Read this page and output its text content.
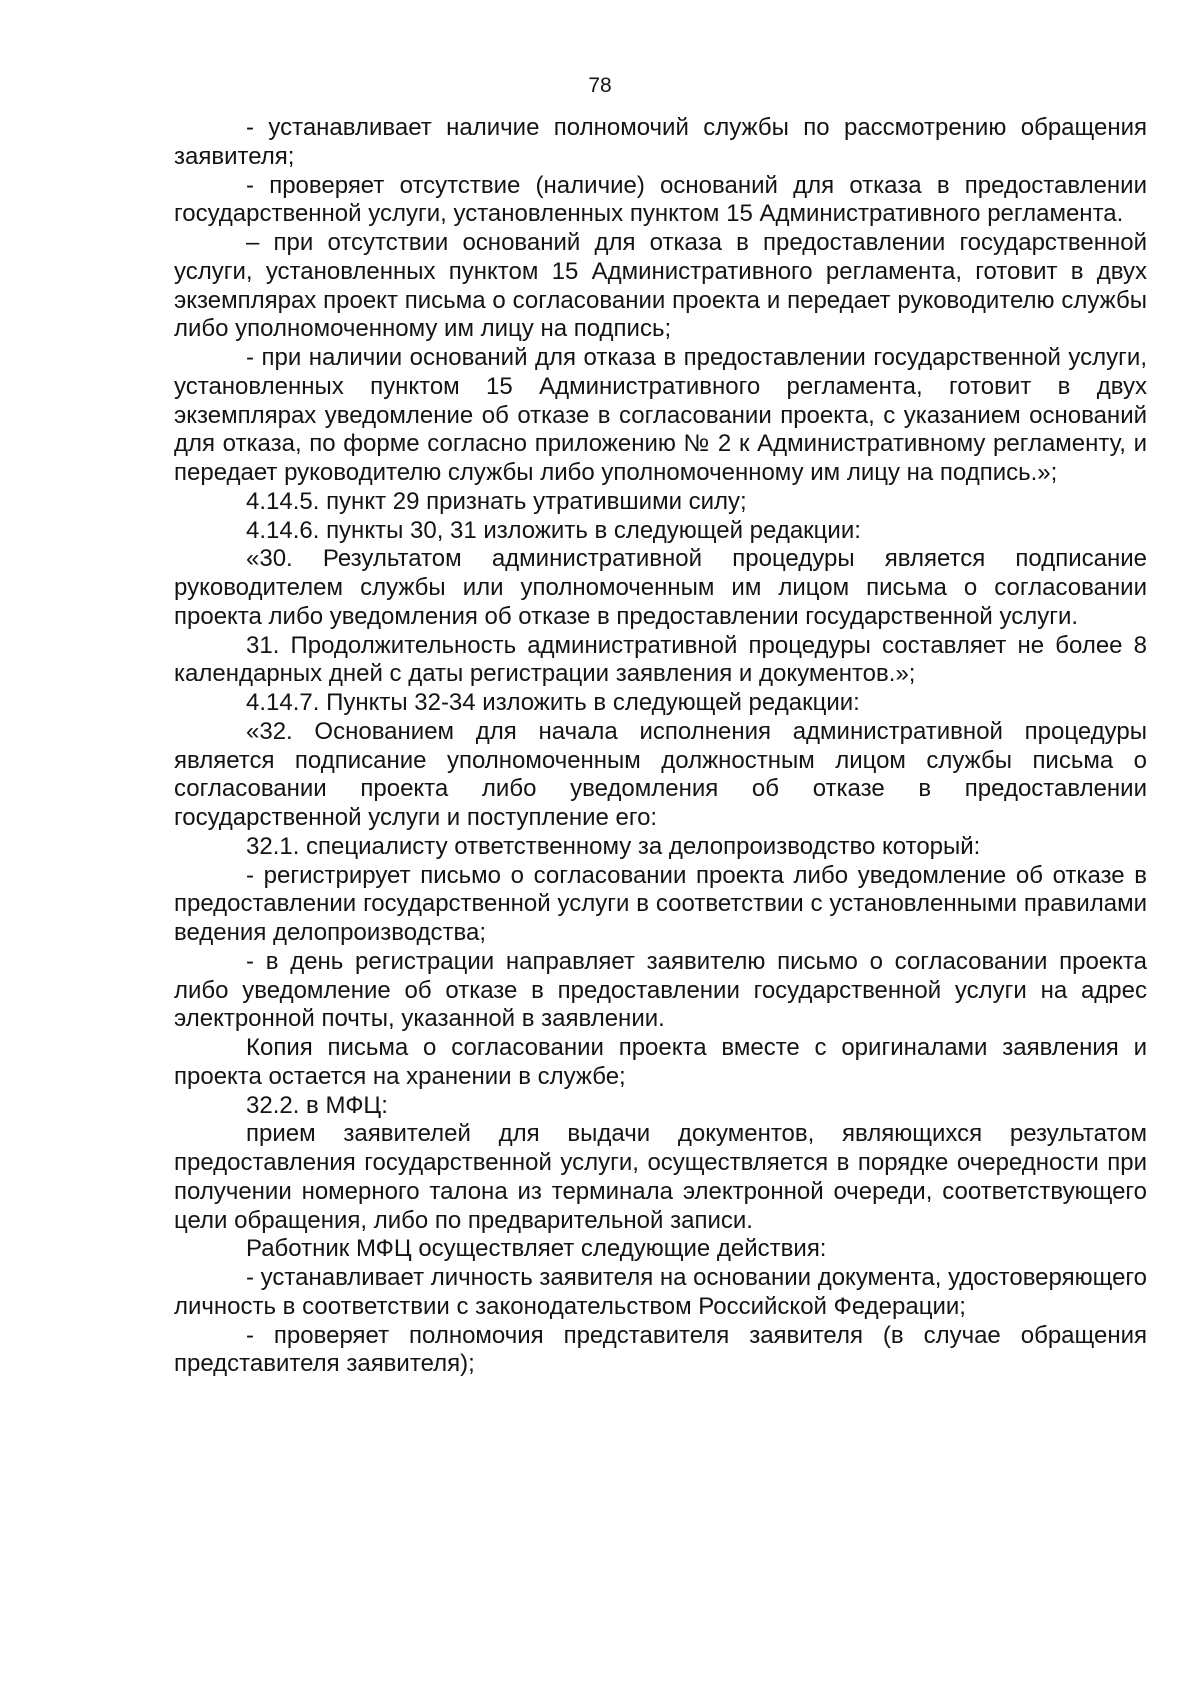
78

- устанавливает наличие полномочий службы по рассмотрению обращения заявителя;

- проверяет отсутствие (наличие) оснований для отказа в предоставлении государственной услуги, установленных пунктом 15 Административного регламента.

– при отсутствии оснований для отказа в предоставлении государственной услуги, установленных пунктом 15 Административного регламента, готовит в двух экземплярах проект письма о согласовании проекта и передает руководителю службы либо уполномоченному им лицу на подпись;

- при наличии оснований для отказа в предоставлении государственной услуги, установленных пунктом 15 Административного регламента, готовит в двух экземплярах уведомление об отказе в согласовании проекта, с указанием оснований для отказа, по форме согласно приложению № 2 к Административному регламенту, и передает руководителю службы либо уполномоченному им лицу на подпись.»;

4.14.5. пункт 29 признать утратившими силу;

4.14.6. пункты 30, 31 изложить в следующей редакции:

«30. Результатом административной процедуры является подписание руководителем службы или уполномоченным им лицом письма о согласовании проекта либо уведомления об отказе в предоставлении государственной услуги.

31. Продолжительность административной процедуры составляет не более 8 календарных дней с даты регистрации заявления и документов.»;

4.14.7. Пункты 32-34 изложить в следующей редакции:

«32. Основанием для начала исполнения административной процедуры является подписание уполномоченным должностным лицом службы письма о согласовании проекта либо уведомления об отказе в предоставлении государственной услуги и поступление его:

32.1. специалисту ответственному за делопроизводство который:

- регистрирует письмо о согласовании проекта либо уведомление об отказе в предоставлении государственной услуги в соответствии с установленными правилами ведения делопроизводства;

- в день регистрации направляет заявителю письмо о согласовании проекта либо уведомление об отказе в предоставлении государственной услуги на адрес электронной почты, указанной в заявлении.

Копия письма о согласовании проекта вместе с оригиналами заявления и проекта остается на хранении в службе;

32.2. в МФЦ:

прием заявителей для выдачи документов, являющихся результатом предоставления государственной услуги, осуществляется в порядке очередности при получении номерного талона из терминала электронной очереди, соответствующего цели обращения, либо по предварительной записи.

Работник МФЦ осуществляет следующие действия:

- устанавливает личность заявителя на основании документа, удостоверяющего личность в соответствии с законодательством Российской Федерации;

- проверяет полномочия представителя заявителя (в случае обращения представителя заявителя);
